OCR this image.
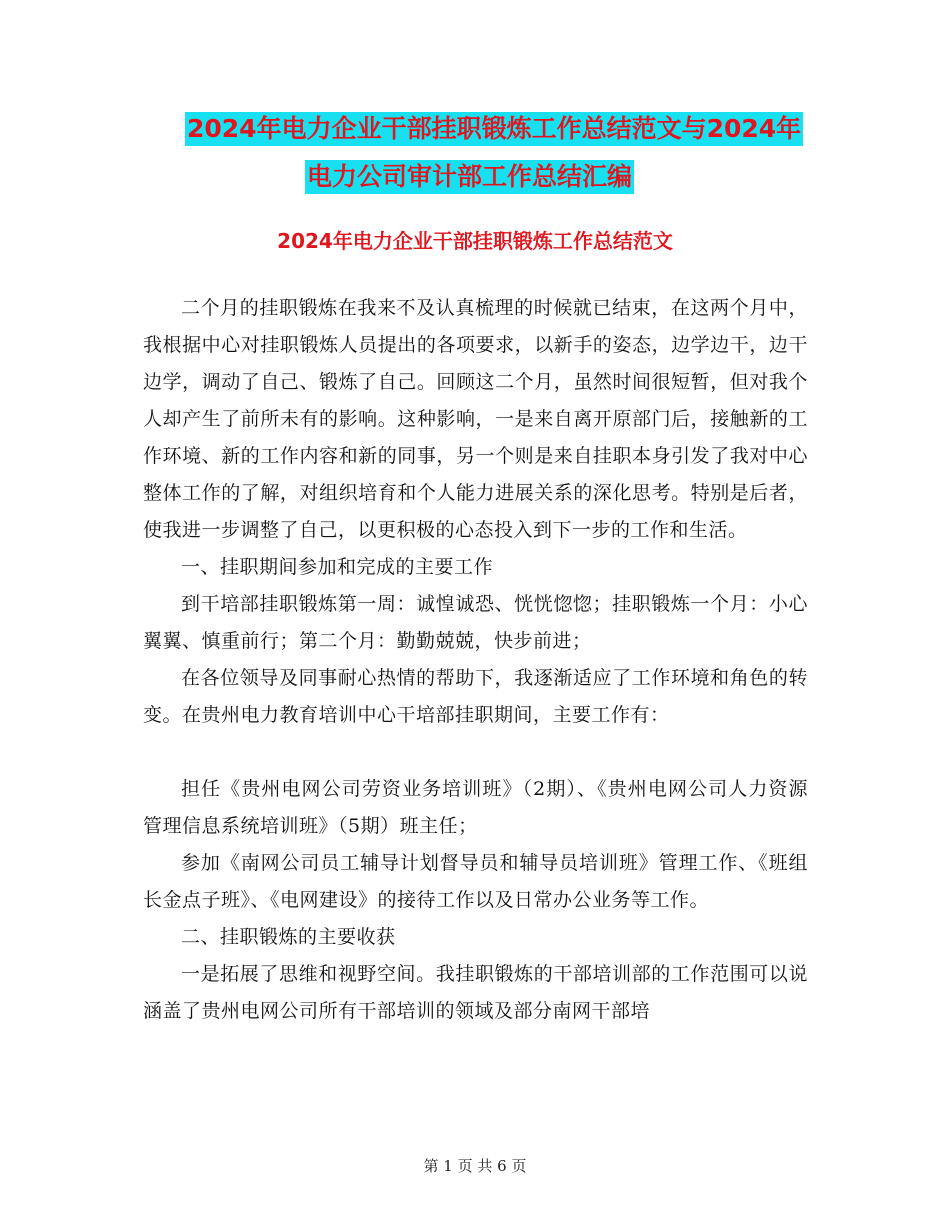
2024年电力企业干部挂职锻炼工作总结范文与2024年
电力公司审计部工作总结汇编
2024年电力企业干部挂职锻炼工作总结范文

二个月的挂职锻炼在我来不及认真梳理的时候就已结束，在这两个月中，我根据中心对挂职锻炼人员提出的各项要求，以新手的姿态，边学边干，边干边学，调动了自己、锻炼了自己。回顾这二个月，虽然时间很短暂，但对我个人却产生了前所未有的影响。这种影响，一是来自离开原部门后，接触新的工作环境、新的工作内容和新的同事，另一个则是来自挂职本身引发了我对中心整体工作的了解，对组织培育和个人能力进展关系的深化思考。特别是后者，使我进一步调整了自己，以更积极的心态投入到下一步的工作和生活。

一、挂职期间参加和完成的主要工作

到干培部挂职锻炼第一周：诚惶诚恐、恍恍惚惚；挂职锻炼一个月：小心翼翼、慎重前行；第二个月：勤勤兢兢，快步前进；

在各位领导及同事耐心热情的帮助下，我逐渐适应了工作环境和角色的转变。在贵州电力教育培训中心干培部挂职期间，主要工作有：

担任《贵州电网公司劳资业务培训班》（2期）、《贵州电网公司人力资源管理信息系统培训班》（5期）班主任；

参加《南网公司员工辅导计划督导员和辅导员培训班》管理工作、《班组长金点子班》、《电网建设》的接待工作以及日常办公业务等工作。

二、挂职锻炼的主要收获

一是拓展了思维和视野空间。我挂职锻炼的干部培训部的工作范围可以说涵盖了贵州电网公司所有干部培训的领域及部分南网干部培

第 1 页 共 6 页
